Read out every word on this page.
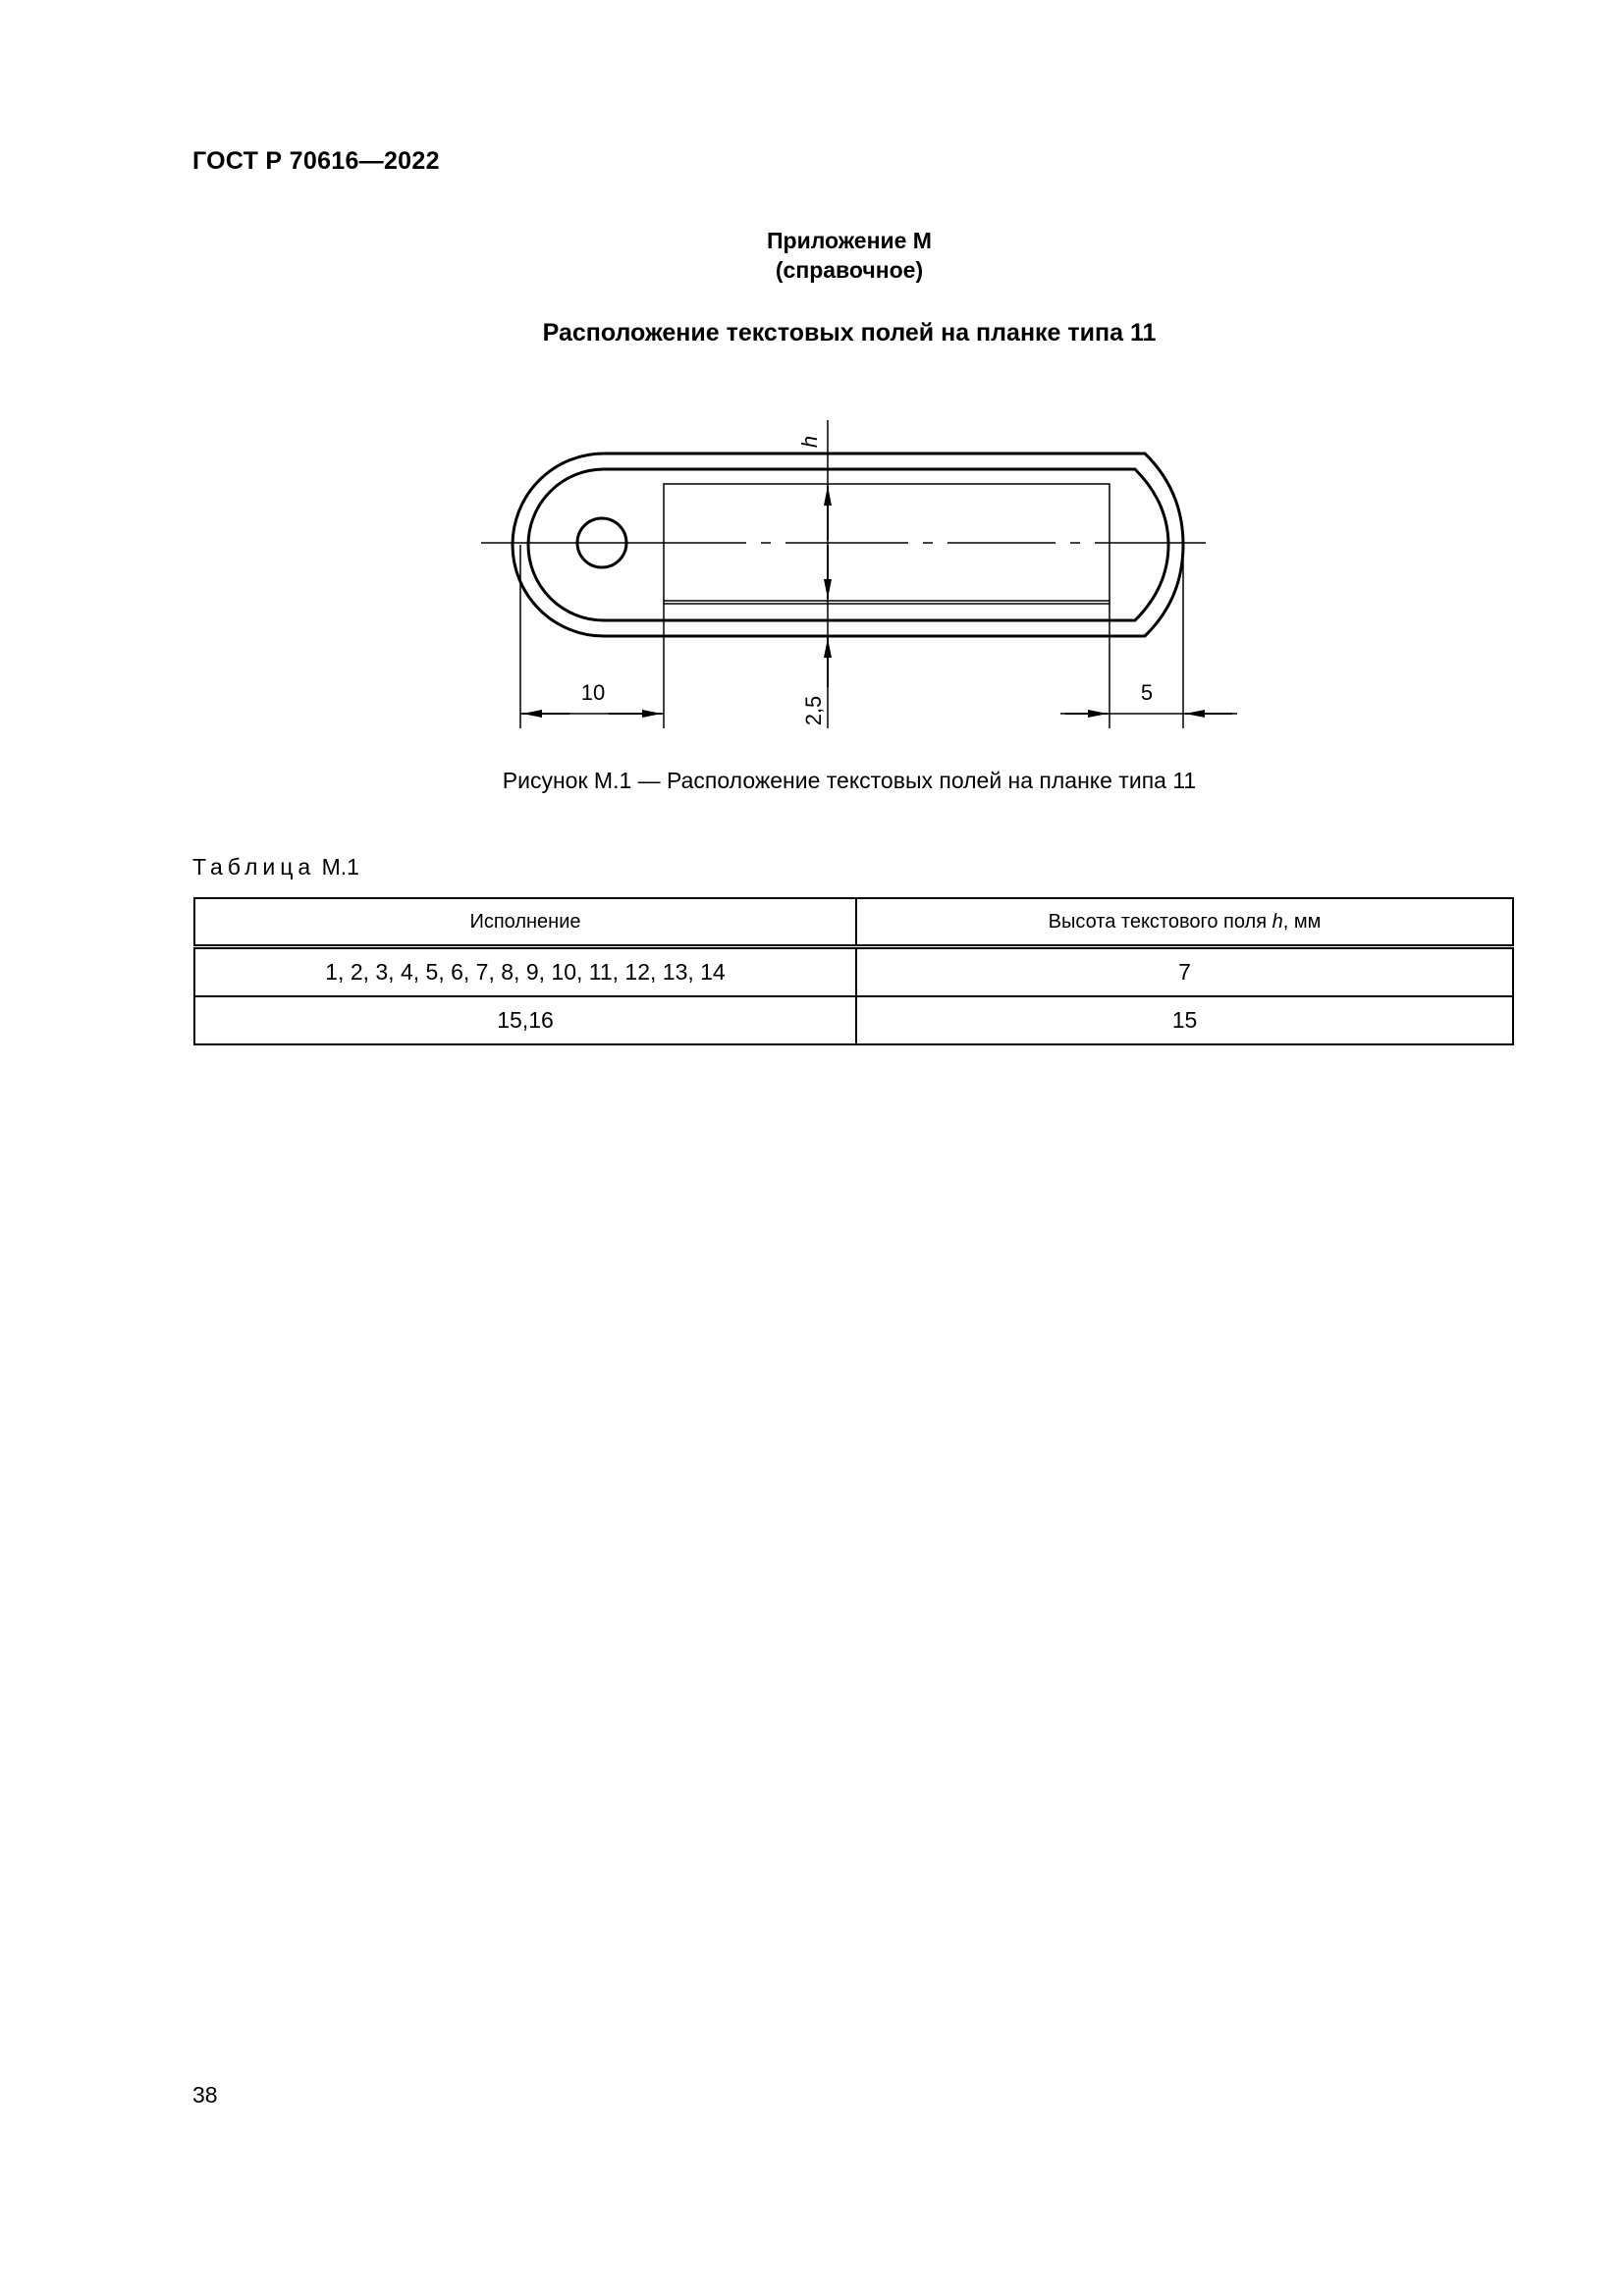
ГОСТ Р 70616—2022
Приложение М
(справочное)
Расположение текстовых полей на планке типа 11
h
10
2,5
5
Рисунок М.1 — Расположение текстовых полей на планке типа 11
Таблица М.1
Исполнение	Высота текстового поля h, мм
1, 2, 3, 4, 5, 6, 7, 8, 9, 10, 11, 12, 13, 14	7
15,16	15
38
